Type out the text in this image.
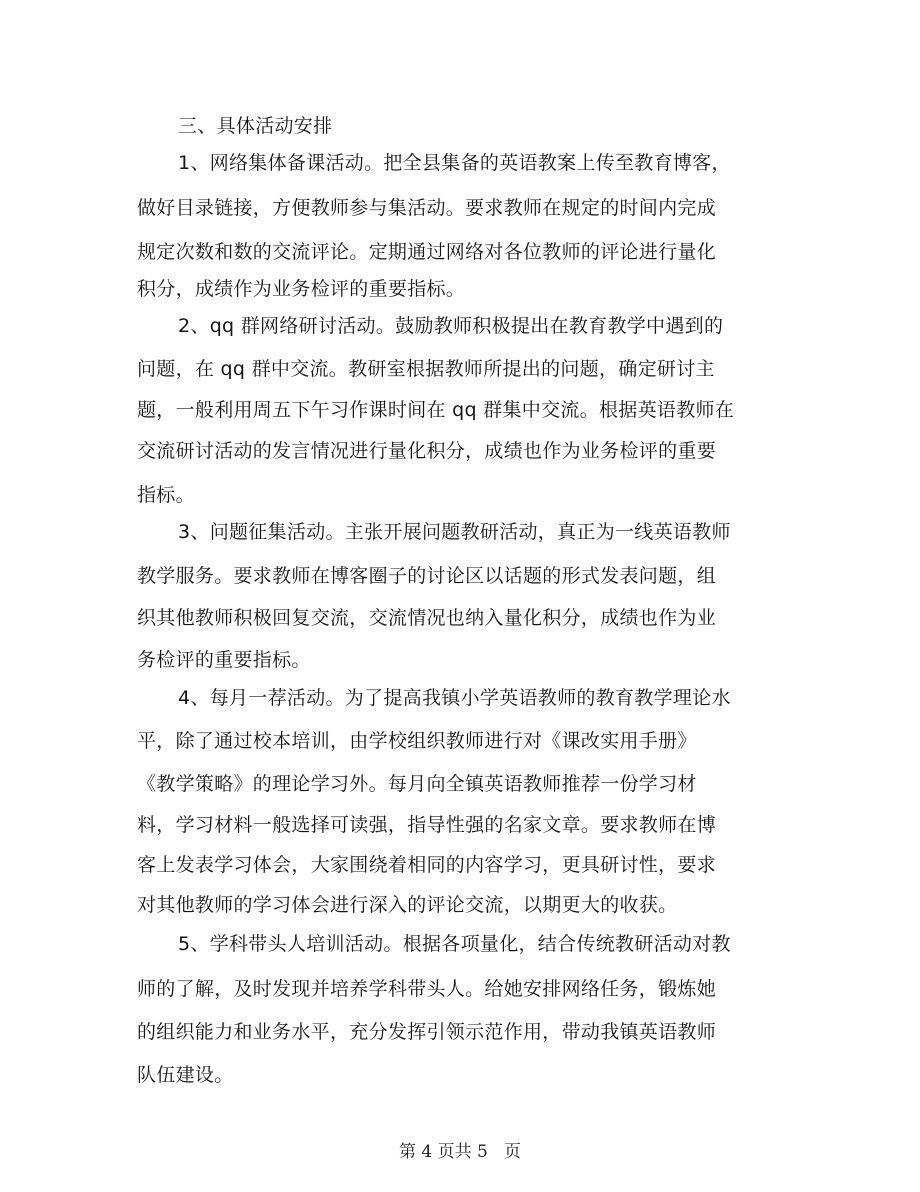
三、具体活动安排
1、网络集体备课活动。把全县集备的英语教案上传至教育博客，
做好目录链接，方便教师参与集活动。要求教师在规定的时间内完成
规定次数和数的交流评论。定期通过网络对各位教师的评论进行量化
积分，成绩作为业务检评的重要指标。
2、qq 群网络研讨活动。鼓励教师积极提出在教育教学中遇到的
问题，在 qq 群中交流。教研室根据教师所提出的问题，确定研讨主
题，一般利用周五下午习作课时间在 qq 群集中交流。根据英语教师在
交流研讨活动的发言情况进行量化积分，成绩也作为业务检评的重要
指标。
3、问题征集活动。主张开展问题教研活动，真正为一线英语教师
教学服务。要求教师在博客圈子的讨论区以话题的形式发表问题，组
织其他教师积极回复交流，交流情况也纳入量化积分，成绩也作为业
务检评的重要指标。
4、每月一荐活动。为了提高我镇小学英语教师的教育教学理论水
平，除了通过校本培训，由学校组织教师进行对《课改实用手册》
《教学策略》的理论学习外。每月向全镇英语教师推荐一份学习材
料，学习材料一般选择可读强，指导性强的名家文章。要求教师在博
客上发表学习体会，大家围绕着相同的内容学习，更具研讨性，要求
对其他教师的学习体会进行深入的评论交流，以期更大的收获。
5、学科带头人培训活动。根据各项量化，结合传统教研活动对教
师的了解，及时发现并培养学科带头人。给她安排网络任务，锻炼她
的组织能力和业务水平，充分发挥引领示范作用，带动我镇英语教师
队伍建设。
第 4 页共 5   页
